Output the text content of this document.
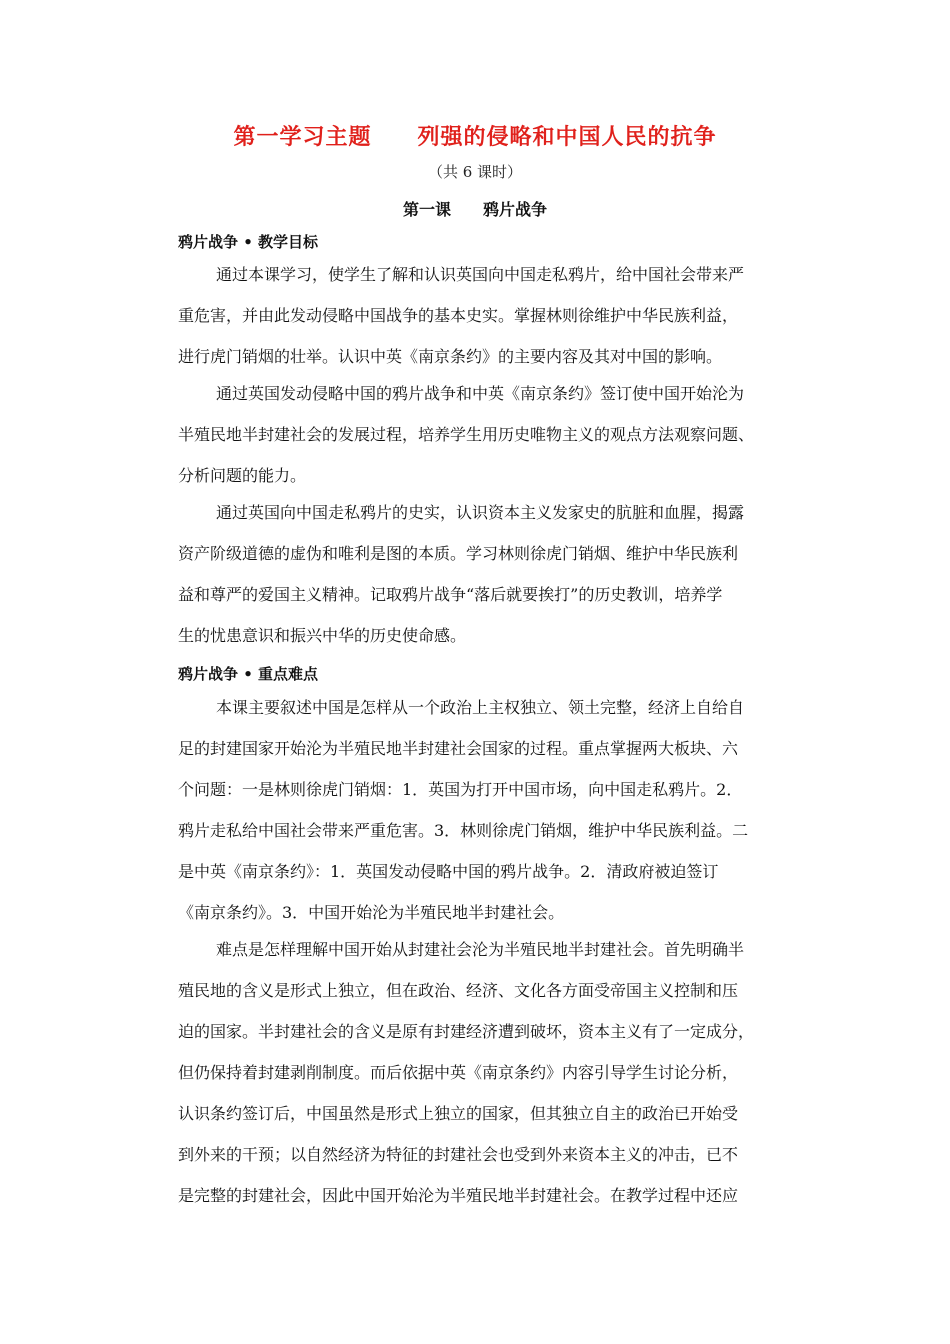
第一学习主题　　列强的侵略和中国人民的抗争
（共 6 课时）
第一课　　鸦片战争
鸦片战争 • 教学目标
通过本课学习，使学生了解和认识英国向中国走私鸦片，给中国社会带来严
重危害，并由此发动侵略中国战争的基本史实。掌握林则徐维护中华民族利益，
进行虎门销烟的壮举。认识中英《南京条约》的主要内容及其对中国的影响。
通过英国发动侵略中国的鸦片战争和中英《南京条约》签订使中国开始沦为
半殖民地半封建社会的发展过程，培养学生用历史唯物主义的观点方法观察问题、
分析问题的能力。
通过英国向中国走私鸦片的史实，认识资本主义发家史的肮脏和血腥，揭露
资产阶级道德的虚伪和唯利是图的本质。学习林则徐虎门销烟、维护中华民族利
益和尊严的爱国主义精神。记取鸦片战争“落后就要挨打”的历史教训，培养学
生的忧患意识和振兴中华的历史使命感。
鸦片战争 • 重点难点
本课主要叙述中国是怎样从一个政治上主权独立、领土完整，经济上自给自
足的封建国家开始沦为半殖民地半封建社会国家的过程。重点掌握两大板块、六
个问题：一是林则徐虎门销烟：1．英国为打开中国市场，向中国走私鸦片。2．
鸦片走私给中国社会带来严重危害。3．林则徐虎门销烟，维护中华民族利益。二
是中英《南京条约》：1．英国发动侵略中国的鸦片战争。2．清政府被迫签订
《南京条约》。3．中国开始沦为半殖民地半封建社会。
难点是怎样理解中国开始从封建社会沦为半殖民地半封建社会。首先明确半
殖民地的含义是形式上独立，但在政治、经济、文化各方面受帝国主义控制和压
迫的国家。半封建社会的含义是原有封建经济遭到破坏，资本主义有了一定成分，
但仍保持着封建剥削制度。而后依据中英《南京条约》内容引导学生讨论分析，
认识条约签订后，中国虽然是形式上独立的国家，但其独立自主的政治已开始受
到外来的干预；以自然经济为特征的封建社会也受到外来资本主义的冲击，已不
是完整的封建社会，因此中国开始沦为半殖民地半封建社会。在教学过程中还应
